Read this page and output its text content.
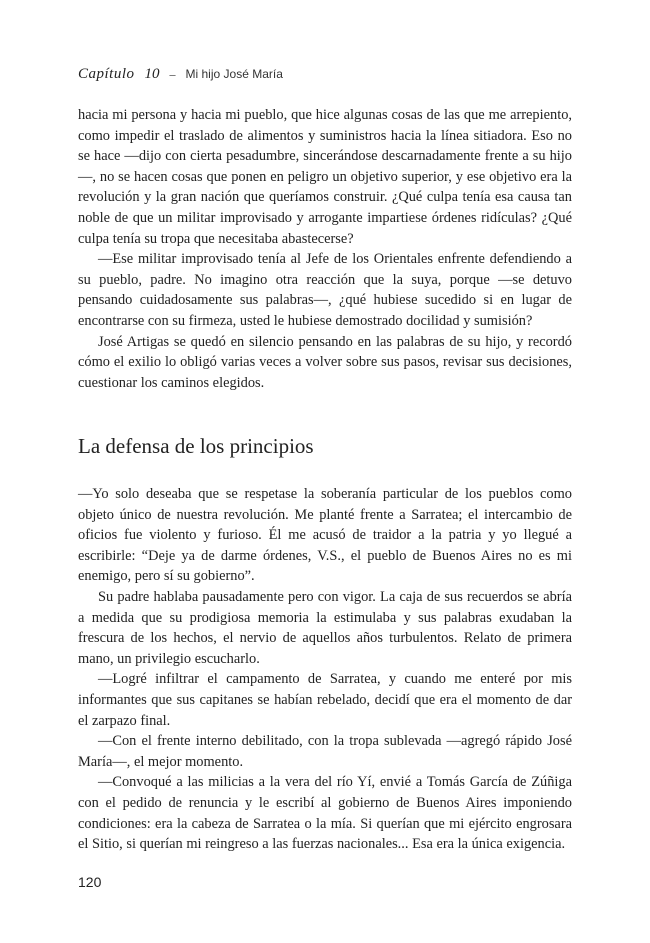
Capítulo 10 – Mi hijo José María

hacia mi persona y hacia mi pueblo, que hice algunas cosas de las que me arrepiento, como impedir el traslado de alimentos y suministros hacia la línea sitiadora. Eso no se hace —dijo con cierta pesadumbre, sincerándose descarnadamente frente a su hijo—, no se hacen cosas que ponen en peligro un objetivo superior, y ese objetivo era la revolución y la gran nación que queríamos construir. ¿Qué culpa tenía esa causa tan noble de que un militar improvisado y arrogante impartiese órdenes ridículas? ¿Qué culpa tenía su tropa que necesitaba abastecerse?

—Ese militar improvisado tenía al Jefe de los Orientales enfrente defendiendo a su pueblo, padre. No imagino otra reacción que la suya, porque —se detuvo pensando cuidadosamente sus palabras—, ¿qué hubiese sucedido si en lugar de encontrarse con su firmeza, usted le hubiese demostrado docilidad y sumisión?

José Artigas se quedó en silencio pensando en las palabras de su hijo, y recordó cómo el exilio lo obligó varias veces a volver sobre sus pasos, revisar sus decisiones, cuestionar los caminos elegidos.

La defensa de los principios

—Yo solo deseaba que se respetase la soberanía particular de los pueblos como objeto único de nuestra revolución. Me planté frente a Sarratea; el intercambio de oficios fue violento y furioso. Él me acusó de traidor a la patria y yo llegué a escribirle: “Deje ya de darme órdenes, V.S., el pueblo de Buenos Aires no es mi enemigo, pero sí su gobierno”.

Su padre hablaba pausadamente pero con vigor. La caja de sus recuerdos se abría a medida que su prodigiosa memoria la estimulaba y sus palabras exudaban la frescura de los hechos, el nervio de aquellos años turbulentos. Relato de primera mano, un privilegio escucharlo.

—Logré infiltrar el campamento de Sarratea, y cuando me enteré por mis informantes que sus capitanes se habían rebelado, decidí que era el momento de dar el zarpazo final.

—Con el frente interno debilitado, con la tropa sublevada —agregó rápido José María—, el mejor momento.

—Convoqué a las milicias a la vera del río Yí, envié a Tomás García de Zúñiga con el pedido de renuncia y le escribí al gobierno de Buenos Aires imponiendo condiciones: era la cabeza de Sarratea o la mía. Si querían que mi ejército engrosara el Sitio, si querían mi reingreso a las fuerzas nacionales... Esa era la única exigencia.

120
